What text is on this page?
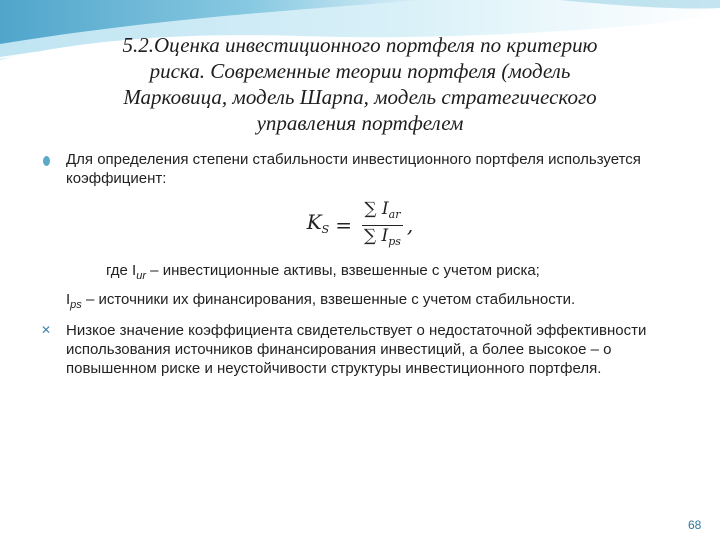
5.2.Оценка инвестиционного портфеля по критерию
риска. Современные теории портфеля (модель
Марковица, модель Шарпа, модель стратегического
управления портфелем
Для определения степени стабильности инвестиционного портфеля используется коэффициент:
$K_S = \frac{\sum I_{ar}}{\sum I_{ps}}$ ,
где $I_{ur}$ – инвестиционные активы, взвешенные с учетом риска;
$I_{ps}$ – источники их финансирования, взвешенные с учетом стабильности.
✕ Низкое значение коэффициента свидетельствует о недостаточной эффективности использования источников финансирования инвестиций, а более высокое – о повышенном риске и неустойчивости структуры инвестиционного портфеля.
68
